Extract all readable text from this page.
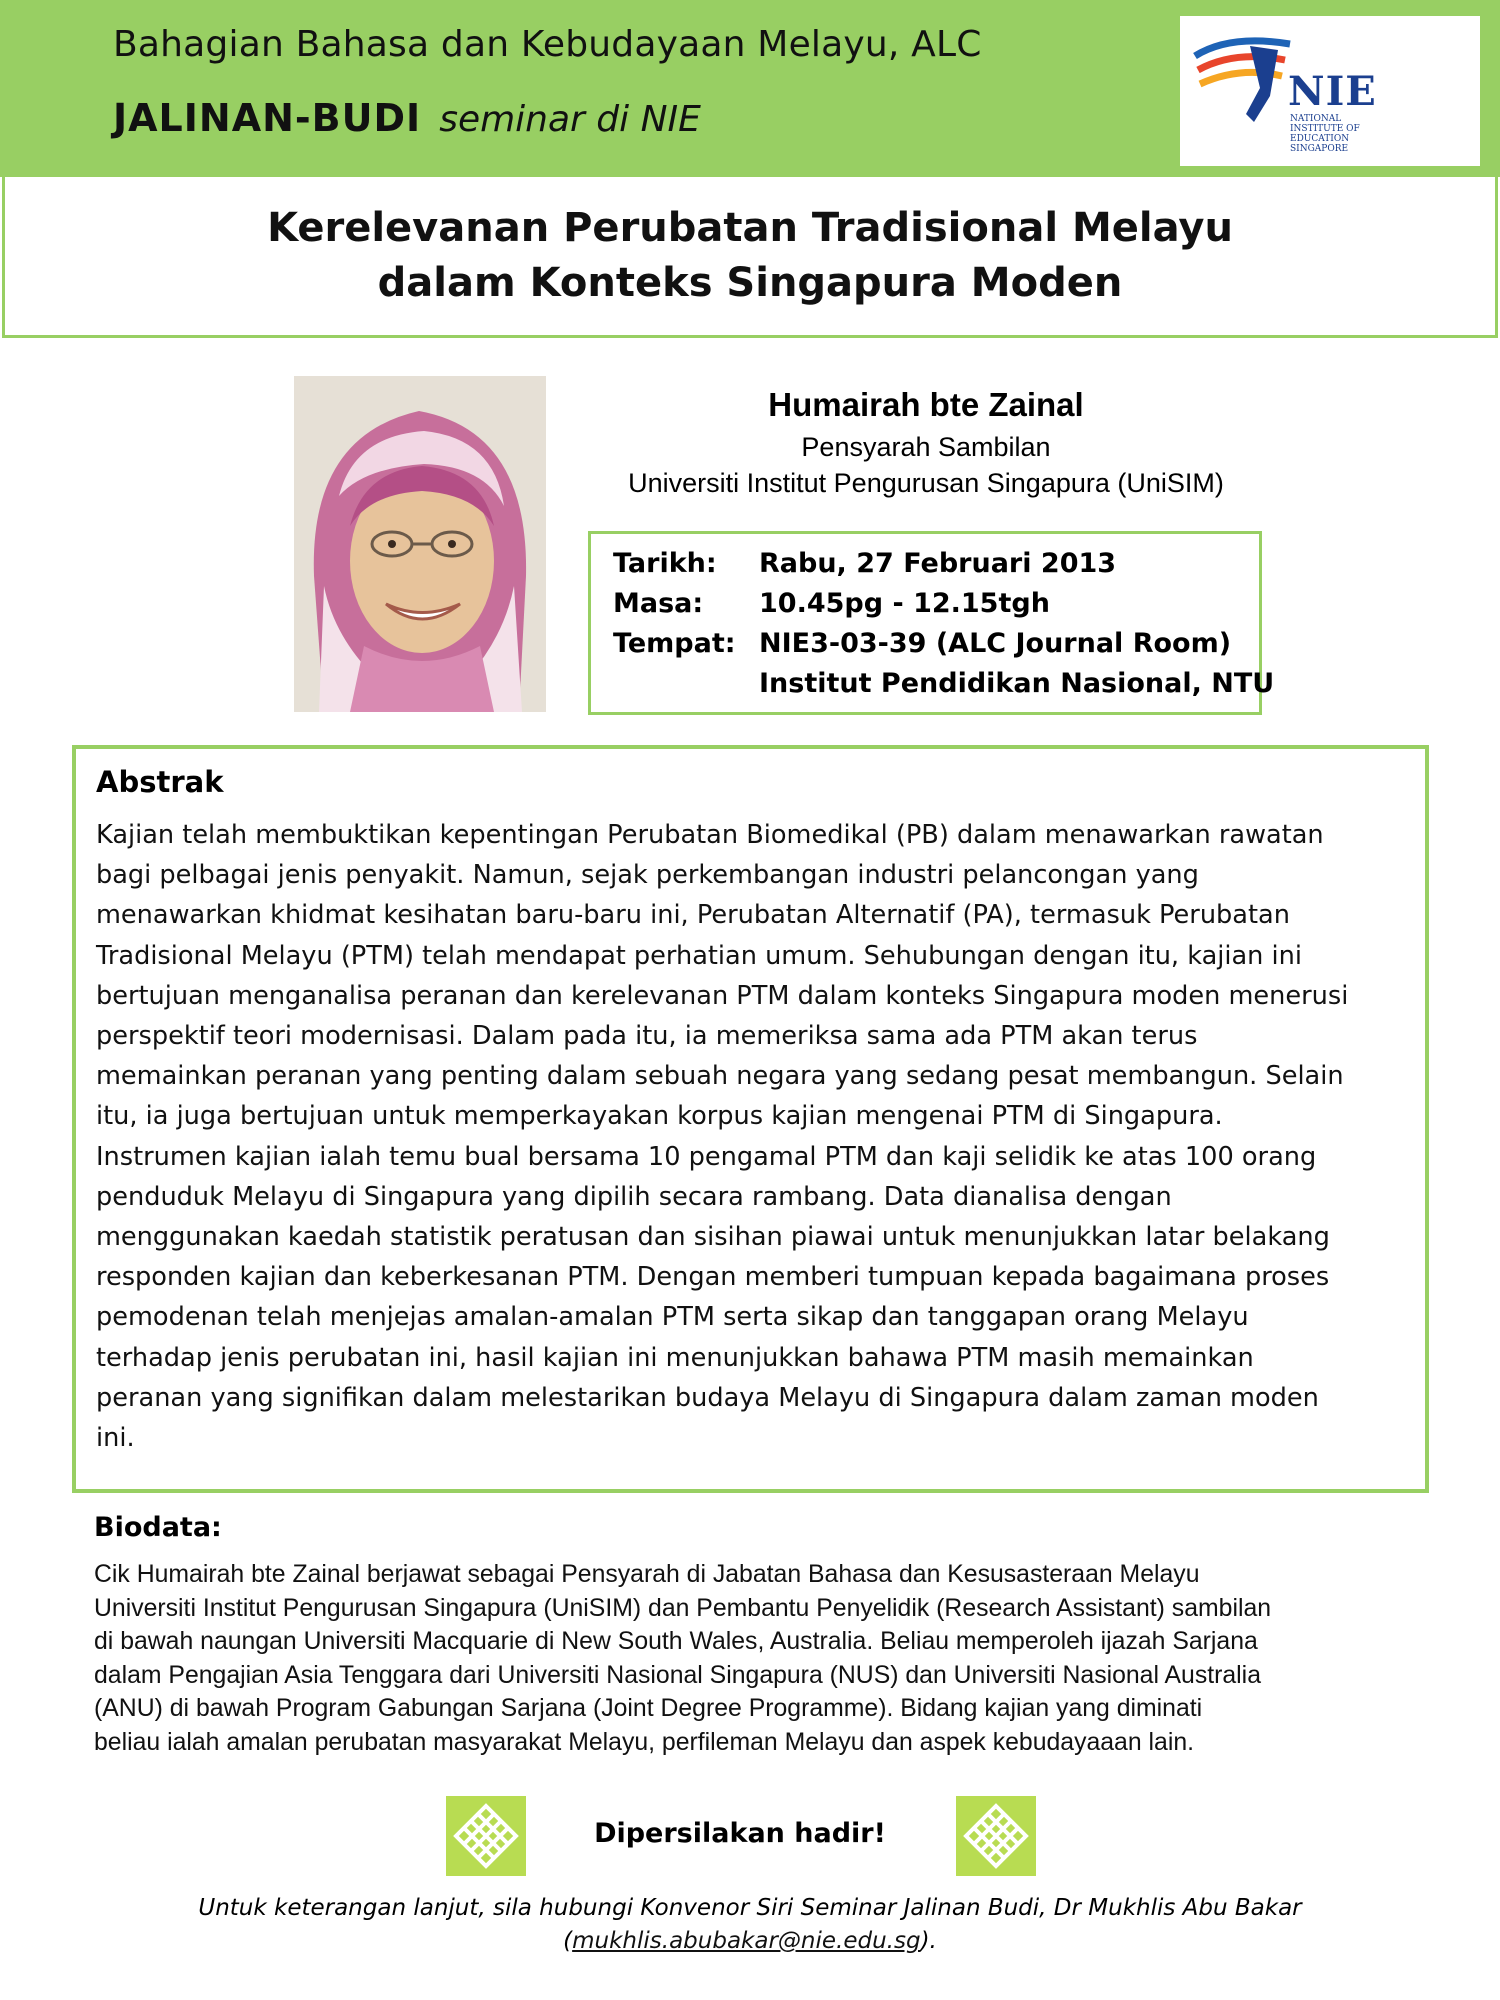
Bahagian Bahasa dan Kebudayaan Melayu, ALC
JALINAN-BUDI seminar di NIE
NIE
NATIONAL
INSTITUTE OF
EDUCATION
SINGAPORE
Kerelevanan Perubatan Tradisional Melayu
dalam Konteks Singapura Moden
Humairah bte Zainal
Pensyarah Sambilan
Universiti Institut Pengurusan Singapura (UniSIM)
Tarikh: Rabu, 27 Februari 2013
Masa: 10.45pg - 12.15tgh
Tempat: NIE3-03-39 (ALC Journal Room)
Institut Pendidikan Nasional, NTU
Abstrak
Kajian telah membuktikan kepentingan Perubatan Biomedikal (PB) dalam menawarkan rawatan
bagi pelbagai jenis penyakit. Namun, sejak perkembangan industri pelancongan yang
menawarkan khidmat kesihatan baru-baru ini, Perubatan Alternatif (PA), termasuk Perubatan
Tradisional Melayu (PTM) telah mendapat perhatian umum. Sehubungan dengan itu, kajian ini
bertujuan menganalisa peranan dan kerelevanan PTM dalam konteks Singapura moden menerusi
perspektif teori modernisasi. Dalam pada itu, ia memeriksa sama ada PTM akan terus
memainkan peranan yang penting dalam sebuah negara yang sedang pesat membangun. Selain
itu, ia juga bertujuan untuk memperkayakan korpus kajian mengenai PTM di Singapura.
Instrumen kajian ialah temu bual bersama 10 pengamal PTM dan kaji selidik ke atas 100 orang
penduduk Melayu di Singapura yang dipilih secara rambang. Data dianalisa dengan
menggunakan kaedah statistik peratusan dan sisihan piawai untuk menunjukkan latar belakang
responden kajian dan keberkesanan PTM. Dengan memberi tumpuan kepada bagaimana proses
pemodenan telah menjejas amalan-amalan PTM serta sikap dan tanggapan orang Melayu
terhadap jenis perubatan ini, hasil kajian ini menunjukkan bahawa PTM masih memainkan
peranan yang signifikan dalam melestarikan budaya Melayu di Singapura dalam zaman moden
ini.
Biodata:
Cik Humairah bte Zainal berjawat sebagai Pensyarah di Jabatan Bahasa dan Kesusasteraan Melayu
Universiti Institut Pengurusan Singapura (UniSIM) dan Pembantu Penyelidik (Research Assistant) sambilan
di bawah naungan Universiti Macquarie di New South Wales, Australia. Beliau memperoleh ijazah Sarjana
dalam Pengajian Asia Tenggara dari Universiti Nasional Singapura (NUS) dan Universiti Nasional Australia
(ANU) di bawah Program Gabungan Sarjana (Joint Degree Programme). Bidang kajian yang diminati
beliau ialah amalan perubatan masyarakat Melayu, perfileman Melayu dan aspek kebudayaaan lain.
Dipersilakan hadir!
Untuk keterangan lanjut, sila hubungi Konvenor Siri Seminar Jalinan Budi, Dr Mukhlis Abu Bakar
(mukhlis.abubakar@nie.edu.sg).
